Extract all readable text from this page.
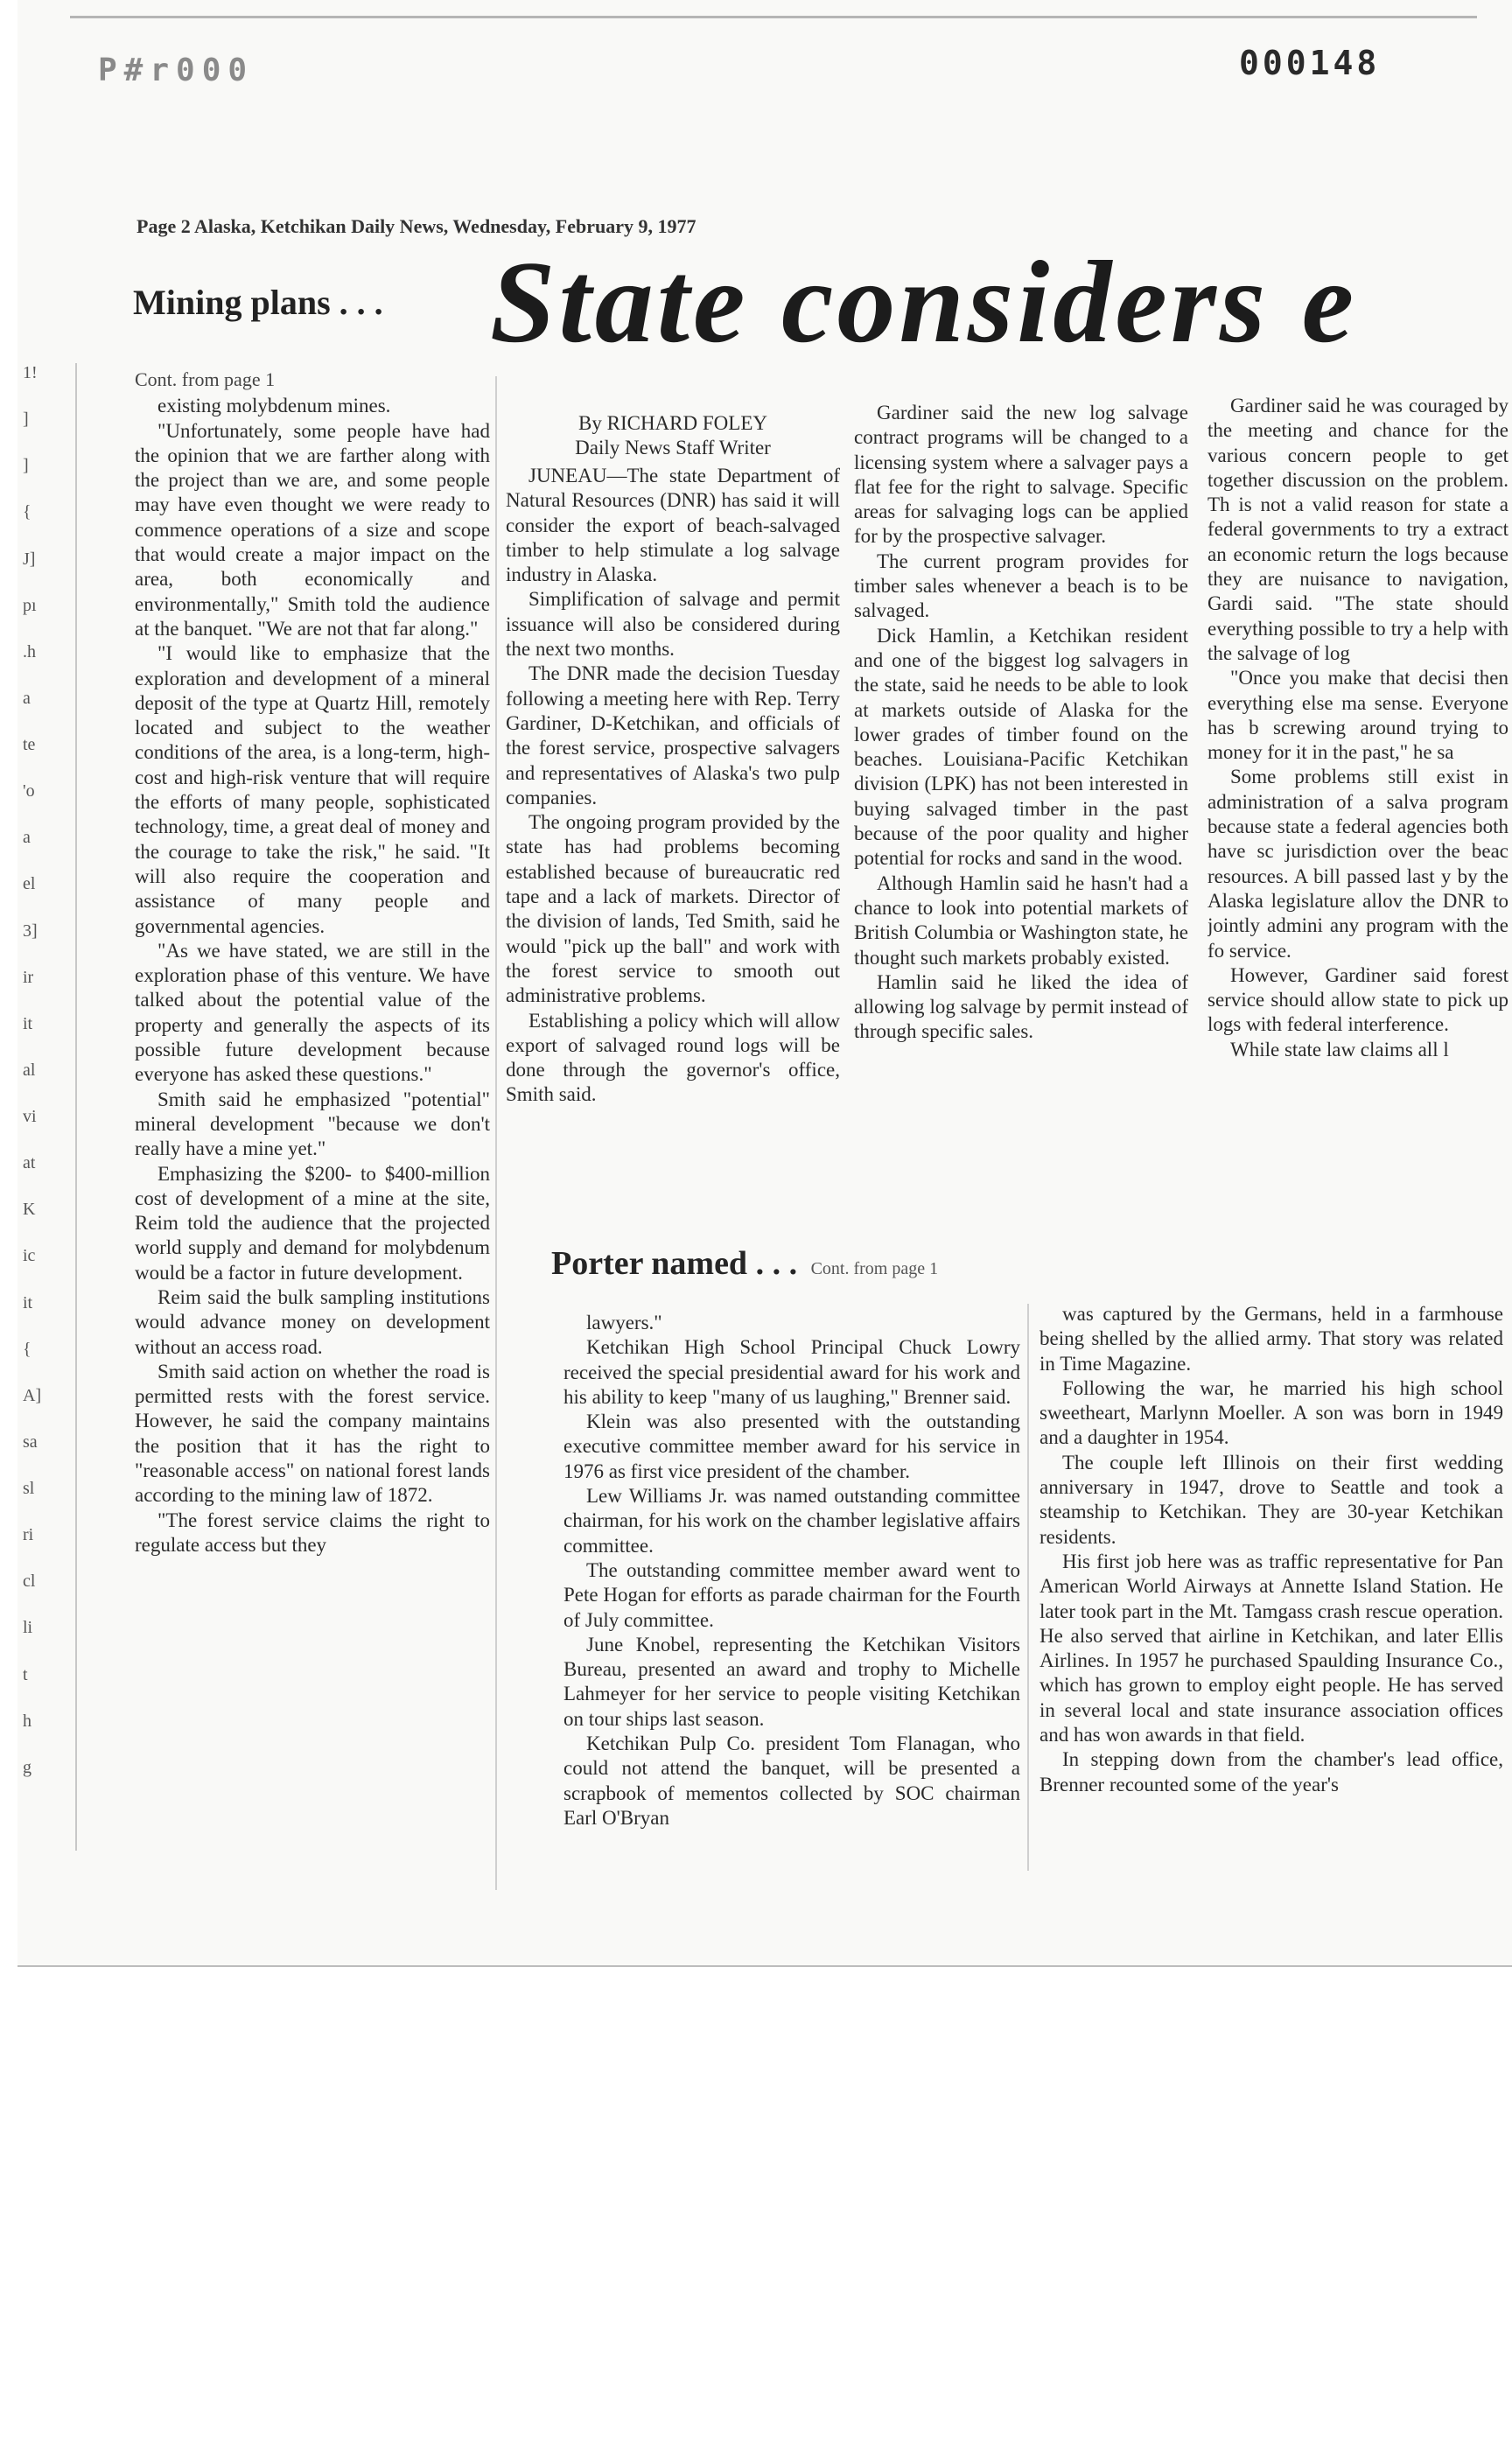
P#r000	000148
1!
]
]
{
J]
pı
.h
a
te
'o
a
el
3]
ir
it
al
vi
at
K
ic
it
{
A]
sa
sl
ri
cl
li
t
h
g
Page 2 Alaska, Ketchikan Daily News, Wednesday, February 9, 1977
Mining plans . . . State considers e
Cont. from page 1

existing molybdenum mines.

"Unfortunately, some people have had the opinion that we are farther along with the project than we are, and some people may have even thought we were ready to commence operations of a size and scope that would create a major impact on the area, both economically and environmentally," Smith told the audience at the banquet. "We are not that far along."

"I would like to emphasize that the exploration and development of a mineral deposit of the type at Quartz Hill, remotely located and subject to the weather conditions of the area, is a long-term, high-cost and high-risk venture that will require the efforts of many people, sophisticated technology, time, a great deal of money and the courage to take the risk," he said. "It will also require the cooperation and assistance of many people and governmental agencies.

"As we have stated, we are still in the exploration phase of this venture. We have talked about the potential value of the property and generally the aspects of its possible future development because everyone has asked these questions."

Smith said he emphasized "potential" mineral development "because we don't really have a mine yet."

Emphasizing the $200- to $400-million cost of development of a mine at the site, Reim told the audience that the projected world supply and demand for molybdenum would be a factor in future development.

Reim said the bulk sampling institutions would advance money on development without an access road.

Smith said action on whether the road is permitted rests with the forest service. However, he said the company maintains the position that it has the right to "reasonable access" on national forest lands according to the mining law of 1872.

"The forest service claims the right to regulate access but they

By RICHARD FOLEY
Daily News Staff Writer

JUNEAU—The state Department of Natural Resources (DNR) has said it will consider the export of beach-salvaged timber to help stimulate a log salvage industry in Alaska.

Simplification of salvage and permit issuance will also be considered during the next two months.

The DNR made the decision Tuesday following a meeting here with Rep. Terry Gardiner, D-Ketchikan, and officials of the forest service, prospective salvagers and representatives of Alaska's two pulp companies.

The ongoing program provided by the state has had problems becoming established because of bureaucratic red tape and a lack of markets. Director of the division of lands, Ted Smith, said he would "pick up the ball" and work with the forest service to smooth out administrative problems.

Establishing a policy which will allow export of salvaged round logs will be done through the governor's office, Smith said.

Gardiner said the new log salvage contract programs will be changed to a licensing system where a salvager pays a flat fee for the right to salvage. Specific areas for salvaging logs can be applied for by the prospective salvager.

The current program provides for timber sales whenever a beach is to be salvaged.

Dick Hamlin, a Ketchikan resident and one of the biggest log salvagers in the state, said he needs to be able to look at markets outside of Alaska for the lower grades of timber found on the beaches. Louisiana-Pacific Ketchikan division (LPK) has not been interested in buying salvaged timber in the past because of the poor quality and higher potential for rocks and sand in the wood.

Although Hamlin said he hasn't had a chance to look into potential markets of British Columbia or Washington state, he thought such markets probably existed.

Hamlin said he liked the idea of allowing log salvage by permit instead of through specific sales.

Gardiner said he was couraged by the meeting and chance for the various concern people to get together discussion on the problem. Th is not a valid reason for state a federal governments to try a extract an economic return the logs because they are nuisance to navigation, Gardi said. "The state should everything possible to try a help with the salvage of log

"Once you make that decisi then everything else ma sense. Everyone has b screwing around trying to money for it in the past," he sa

Some problems still exist in administration of a salva program because state a federal agencies both have sc jurisdiction over the beac resources. A bill passed last y by the Alaska legislature allov the DNR to jointly admini any program with the fo service.

However, Gardiner said forest service should allow state to pick up logs with federal interference.

While state law claims all l

Porter named . . . Cont. from page 1

lawyers."

Ketchikan High School Principal Chuck Lowry received the special presidential award for his work and his ability to keep "many of us laughing," Brenner said.

Klein was also presented with the outstanding executive committee member award for his service in 1976 as first vice president of the chamber.

Lew Williams Jr. was named outstanding committee chairman, for his work on the chamber legislative affairs committee.

The outstanding committee member award went to Pete Hogan for efforts as parade chairman for the Fourth of July committee.

June Knobel, representing the Ketchikan Visitors Bureau, presented an award and trophy to Michelle Lahmeyer for her service to people visiting Ketchikan on tour ships last season.

Ketchikan Pulp Co. president Tom Flanagan, who could not attend the banquet, will be presented a scrapbook of mementos collected by SOC chairman Earl O'Bryan

was captured by the Germans, held in a farmhouse being shelled by the allied army. That story was related in Time Magazine.

Following the war, he married his high school sweetheart, Marlynn Moeller. A son was born in 1949 and a daughter in 1954.

The couple left Illinois on their first wedding anniversary in 1947, drove to Seattle and took a steamship to Ketchikan. They are 30-year Ketchikan residents.

His first job here was as traffic representative for Pan American World Airways at Annette Island Station. He later took part in the Mt. Tamgass crash rescue operation. He also served that airline in Ketchikan, and later Ellis Airlines. In 1957 he purchased Spaulding Insurance Co., which has grown to employ eight people. He has served in several local and state insurance association offices and has won awards in that field.

In stepping down from the chamber's lead office, Brenner recounted some of the year's
